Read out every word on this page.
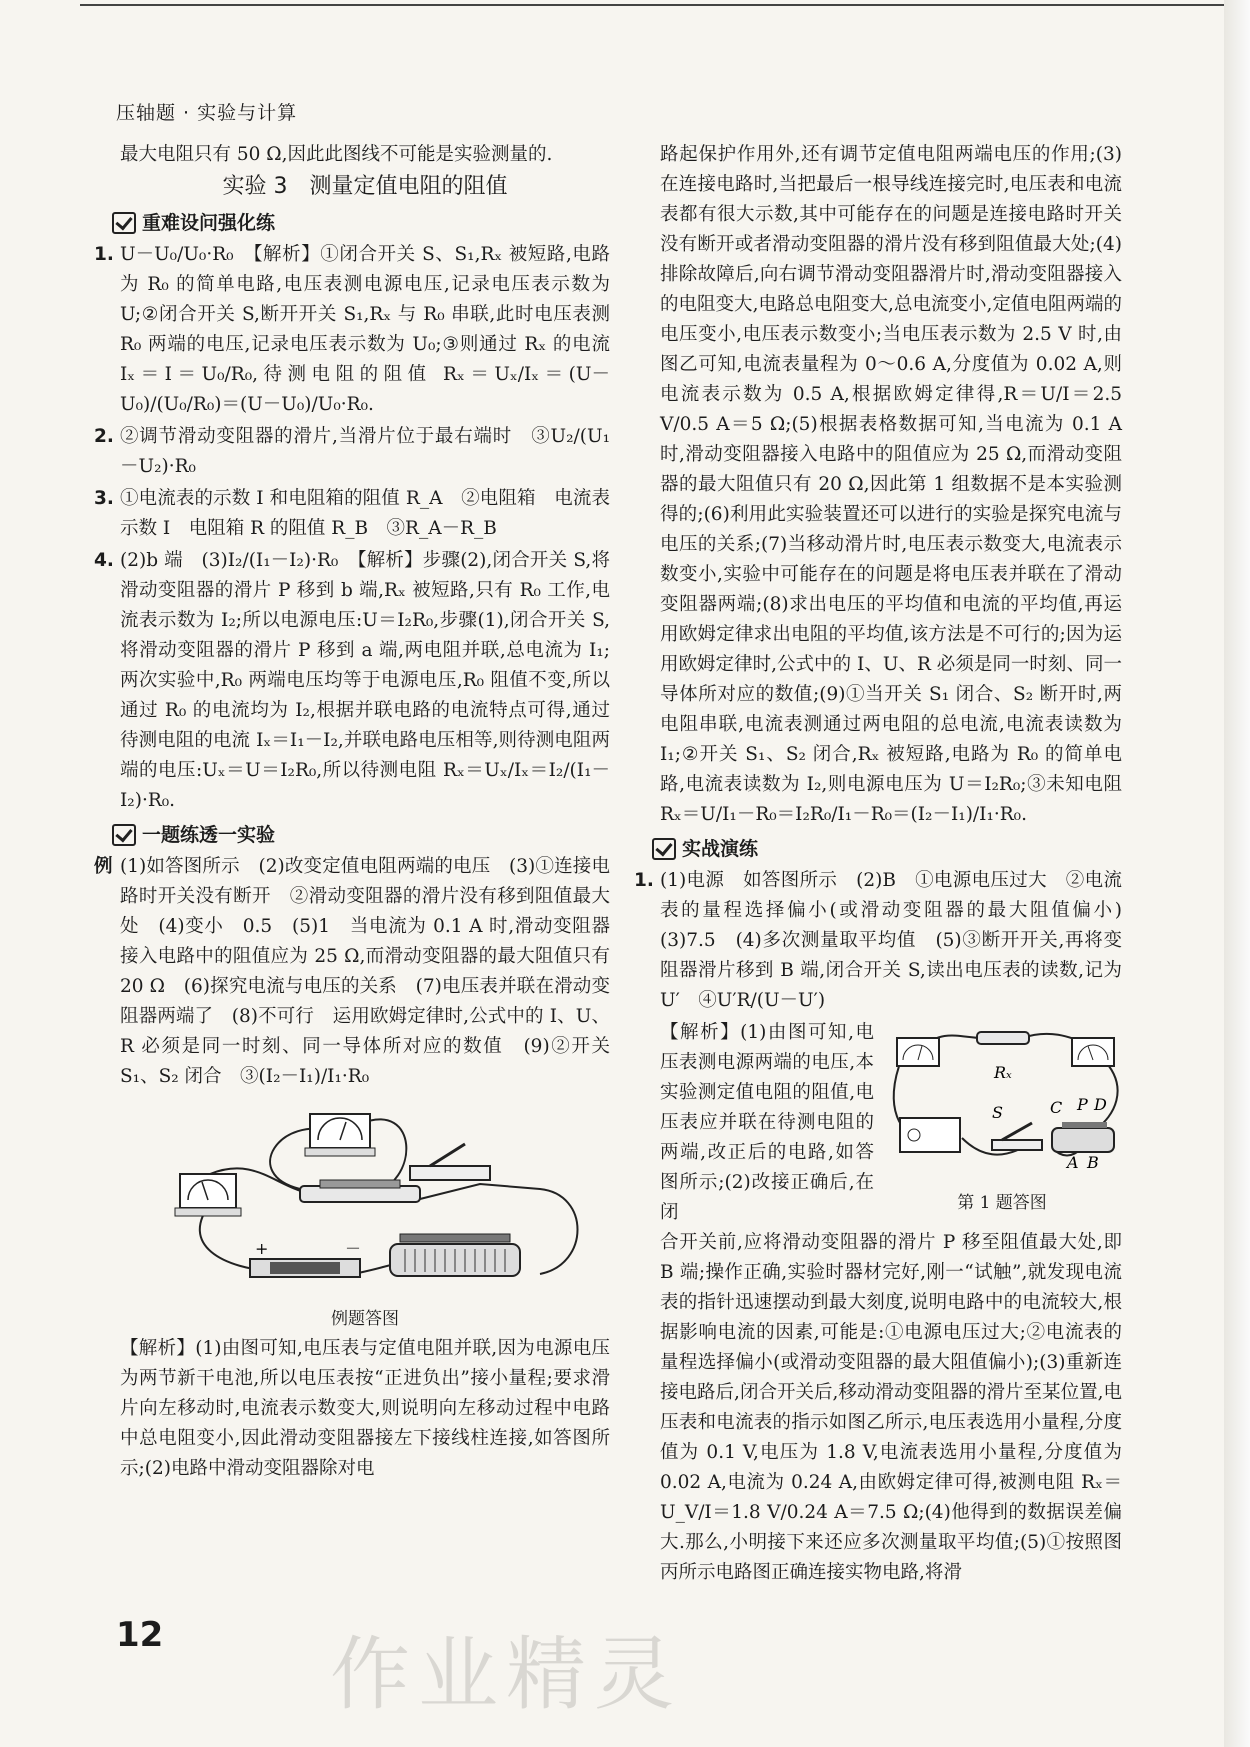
压轴题 · 实验与计算

最大电阻只有 50 Ω,因此此图线不可能是实验测量的.

实验 3　测量定值电阻的阻值
重难设问强化练
1. U－U₀/U₀·R₀　【解析】①闭合开关 S、S₁,Rₓ 被短路,电路为 R₀ 的简单电路,电压表测电源电压,记录电压表示数为 U;②闭合开关 S,断开开关 S₁,Rₓ 与 R₀ 串联,此时电压表测 R₀ 两端的电压,记录电压表示数为 U₀;③则通过 Rₓ 的电流 Iₓ＝I＝U₀/R₀,待测电阻的阻值 Rₓ＝Uₓ/Iₓ＝(U－U₀)/(U₀/R₀)＝(U－U₀)/U₀·R₀.
2. ②调节滑动变阻器的滑片,当滑片位于最右端时　③U₂/(U₁－U₂)·R₀
3. ①电流表的示数 I 和电阻箱的阻值 R_A　②电阻箱　电流表示数 I　电阻箱 R 的阻值 R_B　③R_A－R_B
4. (2)b 端　(3)I₂/(I₁－I₂)·R₀　【解析】步骤(2),闭合开关 S,将滑动变阻器的滑片 P 移到 b 端,Rₓ 被短路,只有 R₀ 工作,电流表示数为 I₂;所以电源电压:U＝I₂R₀,步骤(1),闭合开关 S,将滑动变阻器的滑片 P 移到 a 端,两电阻并联,总电流为 I₁;两次实验中,R₀ 两端电压均等于电源电压,R₀ 阻值不变,所以通过 R₀ 的电流均为 I₂,根据并联电路的电流特点可得,通过待测电阻的电流 Iₓ＝I₁－I₂,并联电路电压相等,则待测电阻两端的电压:Uₓ＝U＝I₂R₀,所以待测电阻 Rₓ＝Uₓ/Iₓ＝I₂/(I₁－I₂)·R₀.
一题练透一实验
例 (1)如答图所示　(2)改变定值电阻两端的电压　(3)①连接电路时开关没有断开　②滑动变阻器的滑片没有移到阻值最大处　(4)变小　0.5　(5)1　当电流为 0.1 A 时,滑动变阻器接入电路中的阻值应为 25 Ω,而滑动变阻器的最大阻值只有 20 Ω　(6)探究电流与电压的关系　(7)电压表并联在滑动变阻器两端了　(8)不可行　运用欧姆定律时,公式中的 I、U、R 必须是同一时刻、同一导体所对应的数值　(9)②开关 S₁、S₂ 闭合　③(I₂－I₁)/I₁·R₀
+	－
例题答图

【解析】(1)由图可知,电压表与定值电阻并联,因为电源电压为两节新干电池,所以电压表按“正进负出”接小量程;要求滑片向左移动时,电流表示数变大,则说明向左移动过程中电路中总电阻变小,因此滑动变阻器接左下接线柱连接,如答图所示;(2)电路中滑动变阻器除对电

路起保护作用外,还有调节定值电阻两端电压的作用;(3)在连接电路时,当把最后一根导线连接完时,电压表和电流表都有很大示数,其中可能存在的问题是连接电路时开关没有断开或者滑动变阻器的滑片没有移到阻值最大处;(4)排除故障后,向右调节滑动变阻器滑片时,滑动变阻器接入的电阻变大,电路总电阻变大,总电流变小,定值电阻两端的电压变小,电压表示数变小;当电压表示数为 2.5 V 时,由图乙可知,电流表量程为 0～0.6 A,分度值为 0.02 A,则电流表示数为 0.5 A,根据欧姆定律得,R＝U/I＝2.5 V/0.5 A＝5 Ω;(5)根据表格数据可知,当电流为 0.1 A 时,滑动变阻器接入电路中的阻值应为 25 Ω,而滑动变阻器的最大阻值只有 20 Ω,因此第 1 组数据不是本实验测得的;(6)利用此实验装置还可以进行的实验是探究电流与电压的关系;(7)当移动滑片时,电压表示数变大,电流表示数变小,实验中可能存在的问题是将电压表并联在了滑动变阻器两端;(8)求出电压的平均值和电流的平均值,再运用欧姆定律求出电阻的平均值,该方法是不可行的;因为运用欧姆定律时,公式中的 I、U、R 必须是同一时刻、同一导体所对应的数值;(9)①当开关 S₁ 闭合、S₂ 断开时,两电阻串联,电流表测通过两电阻的总电流,电流表读数为 I₁;②开关 S₁、S₂ 闭合,Rₓ 被短路,电路为 R₀ 的简单电路,电流表读数为 I₂,则电源电压为 U＝I₂R₀;③未知电阻 Rₓ＝U/I₁－R₀＝I₂R₀/I₁－R₀＝(I₂－I₁)/I₁·R₀.

实战演练
1. (1)电源　如答图所示　(2)B　①电源电压过大　②电流表的量程选择偏小(或滑动变阻器的最大阻值偏小)　(3)7.5　(4)多次测量取平均值　(5)③断开开关,再将变阻器滑片移到 B 端,闭合开关 S,读出电压表的读数,记为 U′　④U′R/(U－U′)

【解析】(1)由图可知,电压表测电源两端的电压,本实验测定值电阻的阻值,电压表应并联在待测电阻的两端,改正后的电路,如答图所示;(2)改接正确后,在闭

Rₓ
S	C P D
A B
第 1 题答图

合开关前,应将滑动变阻器的滑片 P 移至阻值最大处,即 B 端;操作正确,实验时器材完好,刚一“试触”,就发现电流表的指针迅速摆动到最大刻度,说明电路中的电流较大,根据影响电流的因素,可能是:①电源电压过大;②电流表的量程选择偏小(或滑动变阻器的最大阻值偏小);(3)重新连接电路后,闭合开关后,移动滑动变阻器的滑片至某位置,电压表和电流表的指示如图乙所示,电压表选用小量程,分度值为 0.1 V,电压为 1.8 V,电流表选用小量程,分度值为 0.02 A,电流为 0.24 A,由欧姆定律可得,被测电阻 Rₓ＝U_V/I＝1.8 V/0.24 A＝7.5 Ω;(4)他得到的数据误差偏大.那么,小明接下来还应多次测量取平均值;(5)①按照图丙所示电路图正确连接实物电路,将滑

12 作业精灵
